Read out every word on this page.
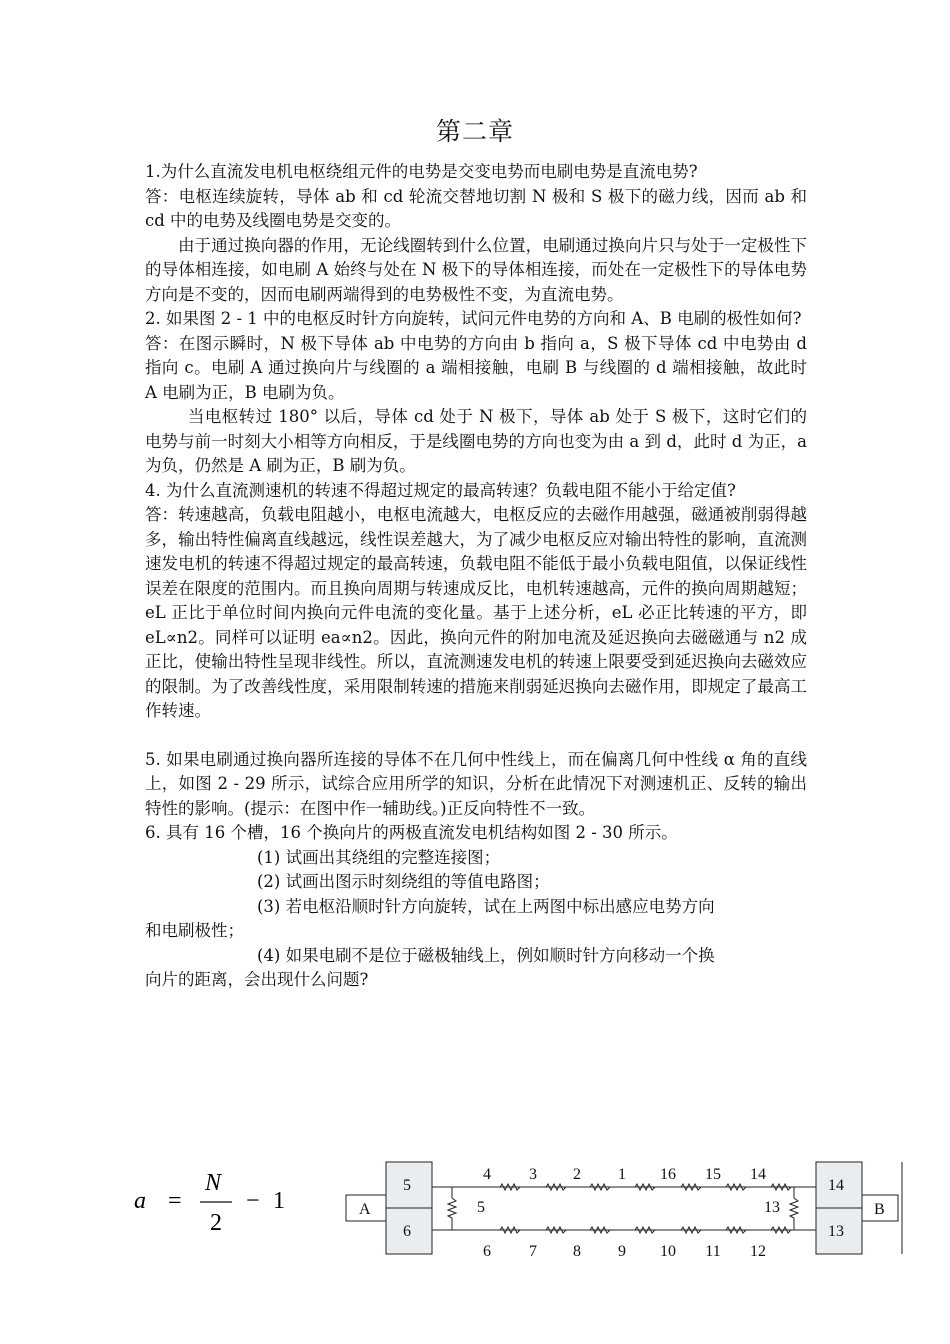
第二章

1.为什么直流发电机电枢绕组元件的电势是交变电势而电刷电势是直流电势?

答：电枢连续旋转，导体 ab 和 cd 轮流交替地切割 N 极和 S 极下的磁力线，因而 ab 和 cd 中的电势及线圈电势是交变的。

由于通过换向器的作用，无论线圈转到什么位置，电刷通过换向片只与处于一定极性下的导体相连接，如电刷 A 始终与处在 N 极下的导体相连接，而处在一定极性下的导体电势方向是不变的，因而电刷两端得到的电势极性不变，为直流电势。

2. 如果图 2 - 1 中的电枢反时针方向旋转，试问元件电势的方向和 A、B 电刷的极性如何?

答：在图示瞬时，N 极下导体 ab 中电势的方向由 b 指向 a，S 极下导体 cd 中电势由 d 指向 c。电刷 A 通过换向片与线圈的 a 端相接触，电刷 B 与线圈的 d 端相接触，故此时 A 电刷为正，B 电刷为负。

当电枢转过 180° 以后，导体 cd 处于 N 极下，导体 ab 处于 S 极下，这时它们的电势与前一时刻大小相等方向相反，于是线圈电势的方向也变为由 a 到 d，此时 d 为正，a 为负，仍然是 A 刷为正，B 刷为负。

4. 为什么直流测速机的转速不得超过规定的最高转速？负载电阻不能小于给定值?

答：转速越高，负载电阻越小，电枢电流越大，电枢反应的去磁作用越强，磁通被削弱得越多，输出特性偏离直线越远，线性误差越大，为了减少电枢反应对输出特性的影响，直流测速发电机的转速不得超过规定的最高转速，负载电阻不能低于最小负载电阻值，以保证线性误差在限度的范围内。而且换向周期与转速成反比，电机转速越高，元件的换向周期越短；eL 正比于单位时间内换向元件电流的变化量。基于上述分析，eL 必正比转速的平方，即 eL∝n2。同样可以证明 ea∝n2。因此，换向元件的附加电流及延迟换向去磁磁通与 n2 成正比，使输出特性呈现非线性。所以，直流测速发电机的转速上限要受到延迟换向去磁效应的限制。为了改善线性度，采用限制转速的措施来削弱延迟换向去磁作用，即规定了最高工作转速。

5. 如果电刷通过换向器所连接的导体不在几何中性线上，而在偏离几何中性线 α 角的直线上，如图 2 - 29 所示，试综合应用所学的知识，分析在此情况下对测速机正、反转的输出特性的影响。(提示：在图中作一辅助线。)正反向特性不一致。

6. 具有 16 个槽，16 个换向片的两极直流发电机结构如图 2 - 30 所示。

(1) 试画出其绕组的完整连接图；

(2) 试画出图示时刻绕组的等值电路图；

(3) 若电枢沿顺时针方向旋转，试在上两图中标出感应电势方向

和电刷极性；

(4) 如果电刷不是位于磁极轴线上，例如顺时针方向移动一个换

向片的距离，会出现什么问题?

a =
N
2
− 1
5
6
A
14
13
B
5	13
4 3 2 1 16 15 14
6 7 8 9 10 11 12
